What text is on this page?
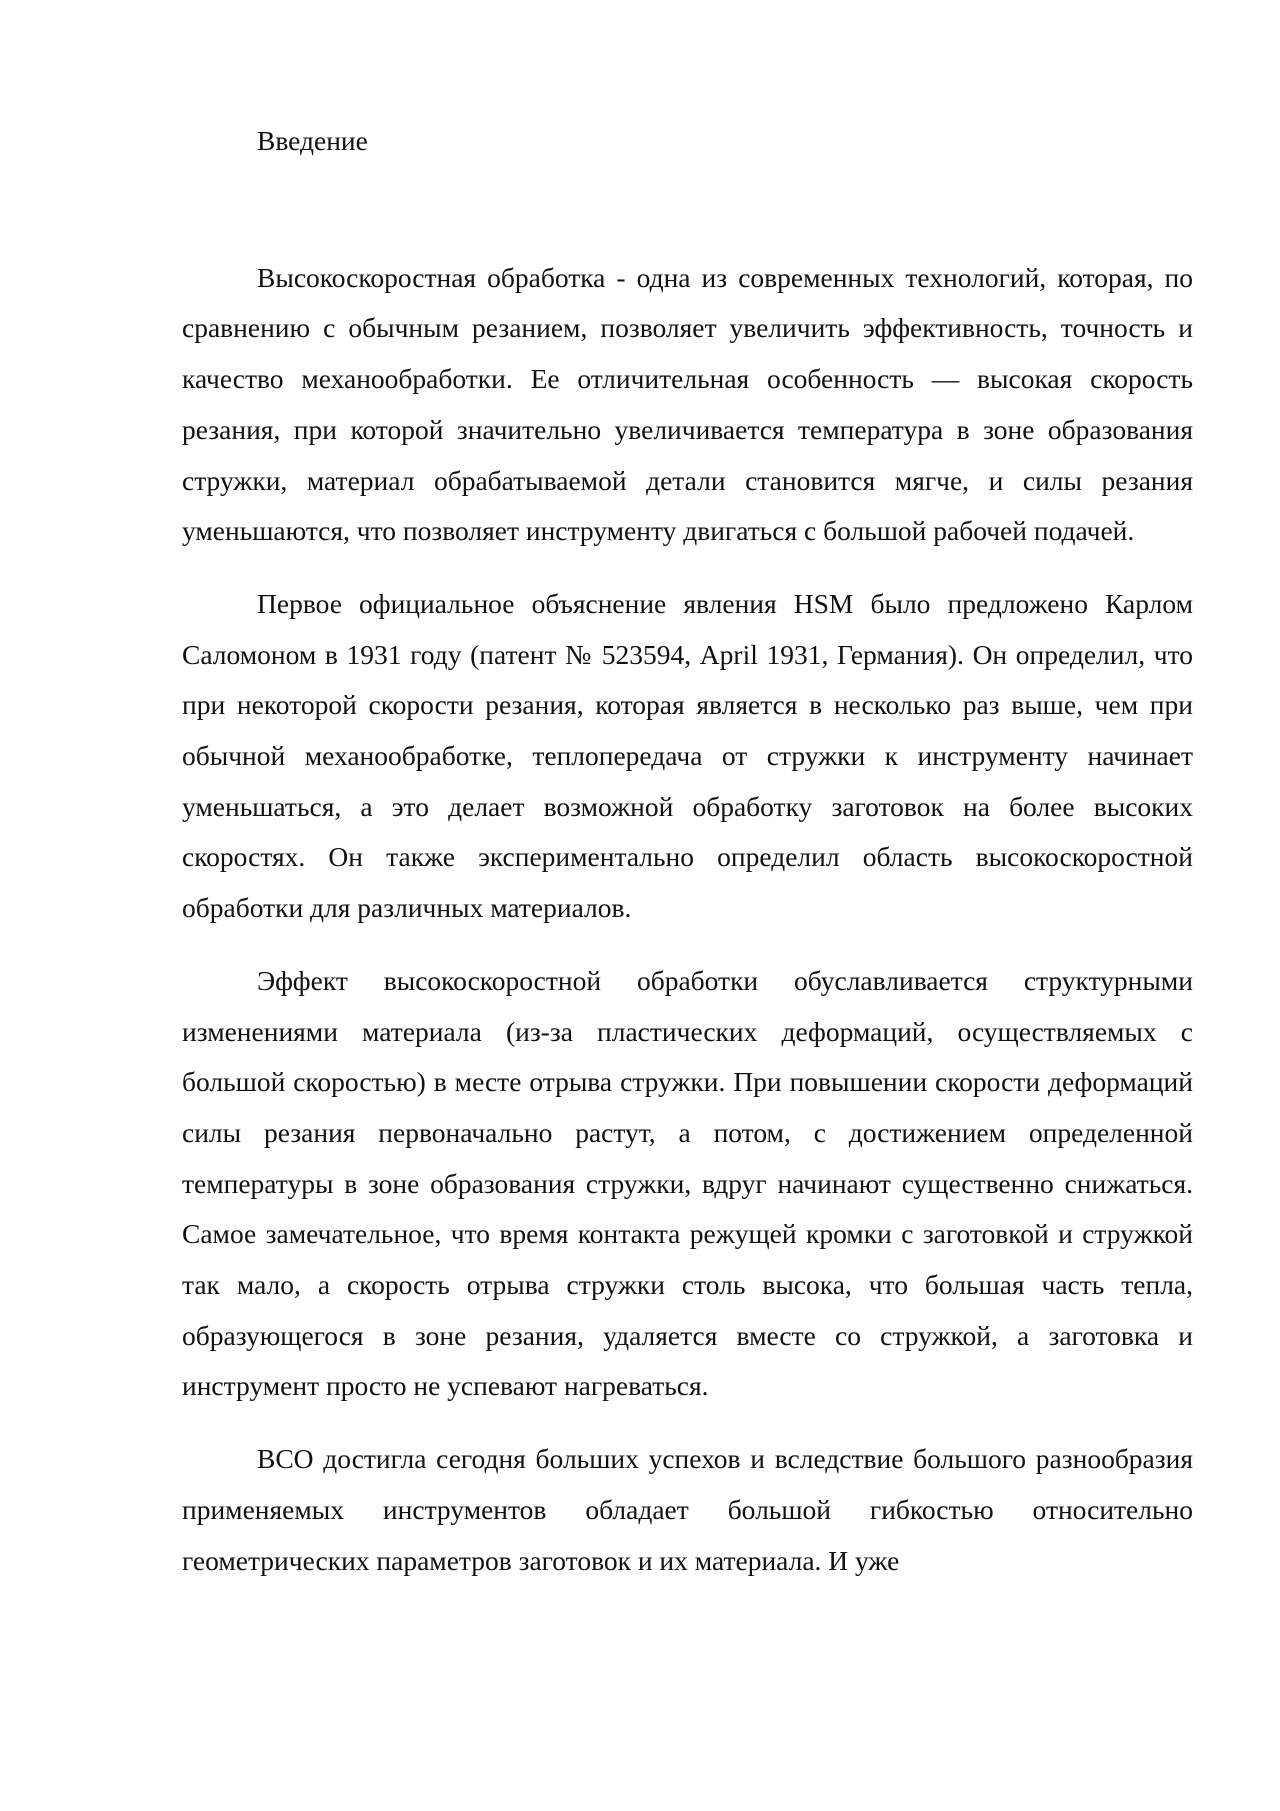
Введение

Высокоскоростная обработка - одна из современных технологий, которая, по сравнению с обычным резанием, позволяет увеличить эффективность, точность и качество механообработки. Ее отличительная особенность — высокая скорость резания, при которой значительно увеличивается температура в зоне образования стружки, материал обрабатываемой детали становится мягче, и силы резания уменьшаются, что позволяет инструменту двигаться с большой рабочей подачей.

Первое официальное объяснение явления HSM было предложено Карлом Саломоном в 1931 году (патент № 523594, April 1931, Германия). Он определил, что при некоторой скорости резания, которая является в несколько раз выше, чем при обычной механообработке, теплопередача от стружки к инструменту начинает уменьшаться, а это делает возможной обработку заготовок на более высоких скоростях. Он также экспериментально определил область высокоскоростной обработки для различных материалов.

Эффект высокоскоростной обработки обуславливается структурными изменениями материала (из-за пластических деформаций, осуществляемых с большой скоростью) в месте отрыва стружки. При повышении скорости деформаций силы резания первоначально растут, а потом, с достижением определенной температуры в зоне образования стружки, вдруг начинают существенно снижаться. Самое замечательное, что время контакта режущей кромки с заготовкой и стружкой так мало, а скорость отрыва стружки столь высока, что большая часть тепла, образующегося в зоне резания, удаляется вместе со стружкой, а заготовка и инструмент просто не успевают нагреваться.

ВСО достигла сегодня больших успехов и вследствие большого разнообразия применяемых инструментов обладает большой гибкостью относительно геометрических параметров заготовок и их материала. И уже
